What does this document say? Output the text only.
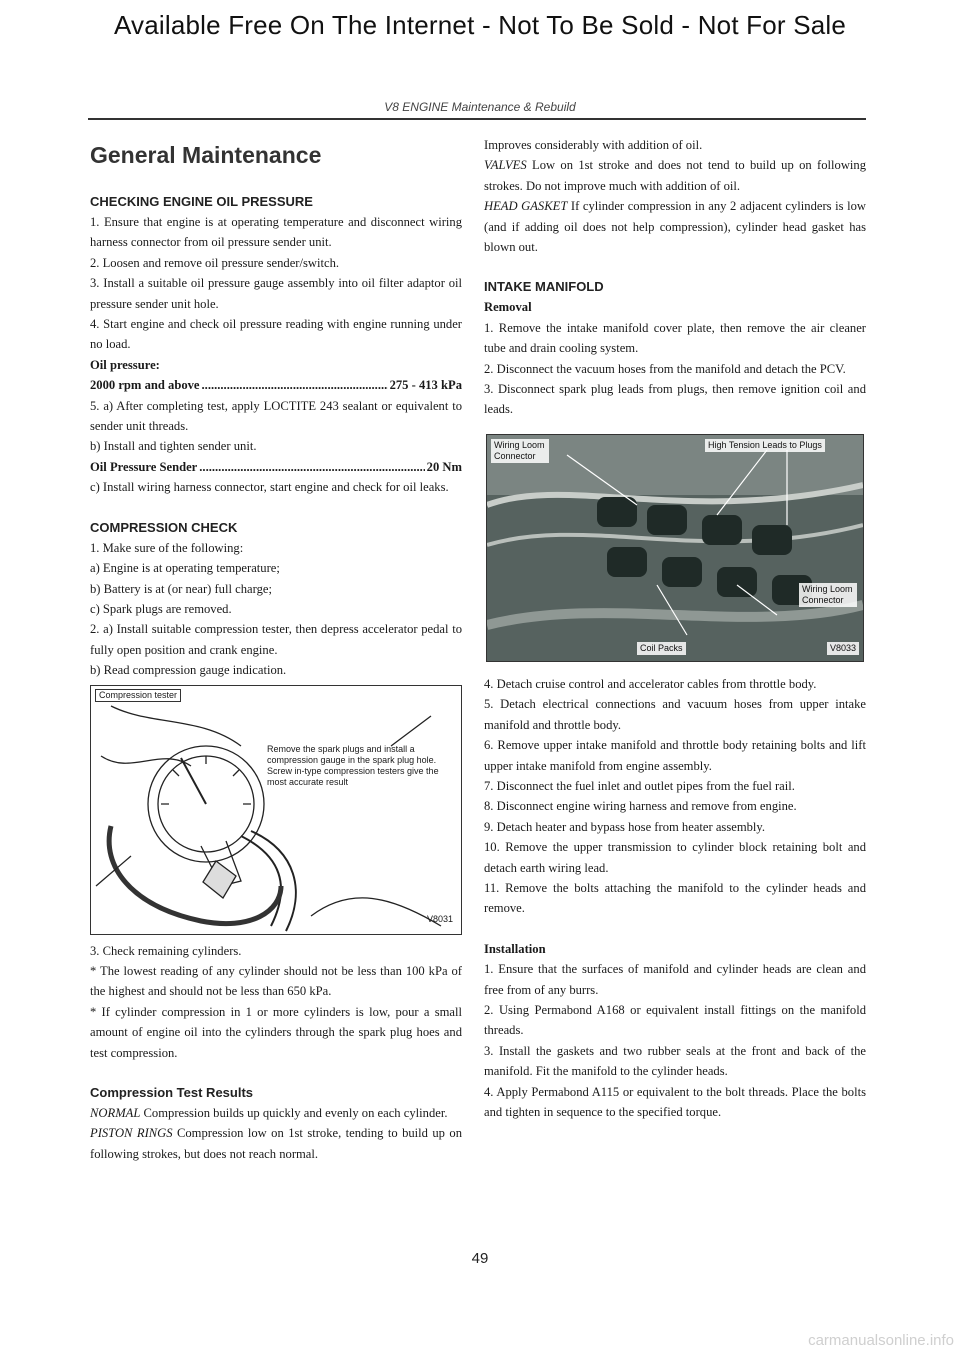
Available Free On The Internet - Not To Be Sold - Not For Sale
V8 ENGINE Maintenance & Rebuild
General Maintenance
CHECKING ENGINE OIL PRESSURE

1. Ensure that engine is at operating temperature and disconnect wiring harness connector from oil pressure sender unit.

2. Loosen and remove oil pressure sender/switch.

3. Install a suitable oil pressure gauge assembly into oil filter adaptor oil pressure sender unit hole.

4. Start engine and check oil pressure reading with engine running under no load.

Oil pressure:
2000 rpm and above .....	275 - 413 kPa

5. a) After completing test, apply LOCTITE 243 sealant or equivalent to sender unit threads.

b) Install and tighten sender unit.

Oil Pressure Sender .....	20 Nm

c) Install wiring harness connector, start engine and check for oil leaks.

COMPRESSION CHECK

1. Make sure of the following:

a) Engine is at operating temperature;

b) Battery is at (or near) full charge;

c) Spark plugs are removed.

2. a) Install suitable compression tester, then depress accelerator pedal to fully open position and crank engine.

b) Read compression gauge indication.

Compression tester
Remove the spark plugs and install a compression gauge in the spark plug hole. Screw in-type compression testers give the most accurate result
V8031

3. Check remaining cylinders.

* The lowest reading of any cylinder should not be less than 100 kPa of the highest and should not be less than 650 kPa.

* If cylinder compression in 1 or more cylinders is low, pour a small amount of engine oil into the cylinders through the spark plug hoes and test compression.

Compression Test Results

NORMAL Compression builds up quickly and evenly on each cylinder.

PISTON RINGS Compression low on 1st stroke, tending to build up on following strokes, but does not reach normal.

Improves considerably with addition of oil.

VALVES Low on 1st stroke and does not tend to build up on following strokes. Do not improve much with addition of oil.

HEAD GASKET If cylinder compression in any 2 adjacent cylinders is low (and if adding oil does not help compression), cylinder head gasket has blown out.

INTAKE MANIFOLD
Removal

1. Remove the intake manifold cover plate, then remove the air cleaner tube and drain cooling system.

2. Disconnect the vacuum hoses from the manifold and detach the PCV.

3. Disconnect spark plug leads from plugs, then remove ignition coil and leads.

Wiring Loom Connector
High Tension Leads to Plugs
Wiring Loom Connector
Coil Packs	V8033

4. Detach cruise control and accelerator cables from throttle body.

5. Detach electrical connections and vacuum hoses from upper intake manifold and throttle body.

6. Remove upper intake manifold and throttle body retaining bolts and lift upper intake manifold from engine assembly.

7. Disconnect the fuel inlet and outlet pipes from the fuel rail.

8. Disconnect engine wiring harness and remove from engine.

9. Detach heater and bypass hose from heater assembly.

10. Remove the upper transmission to cylinder block retaining bolt and detach earth wiring lead.

11. Remove the bolts attaching the manifold to the cylinder heads and remove.

Installation

1. Ensure that the surfaces of manifold and cylinder heads are clean and free from of any burrs.

2. Using Permabond A168 or equivalent install fittings on the manifold threads.

3. Install the gaskets and two rubber seals at the front and back of the manifold. Fit the manifold to the cylinder heads.

4. Apply Permabond A115 or equivalent to the bolt threads. Place the bolts and tighten in sequence to the specified torque.

49
carmanualsonline.info
